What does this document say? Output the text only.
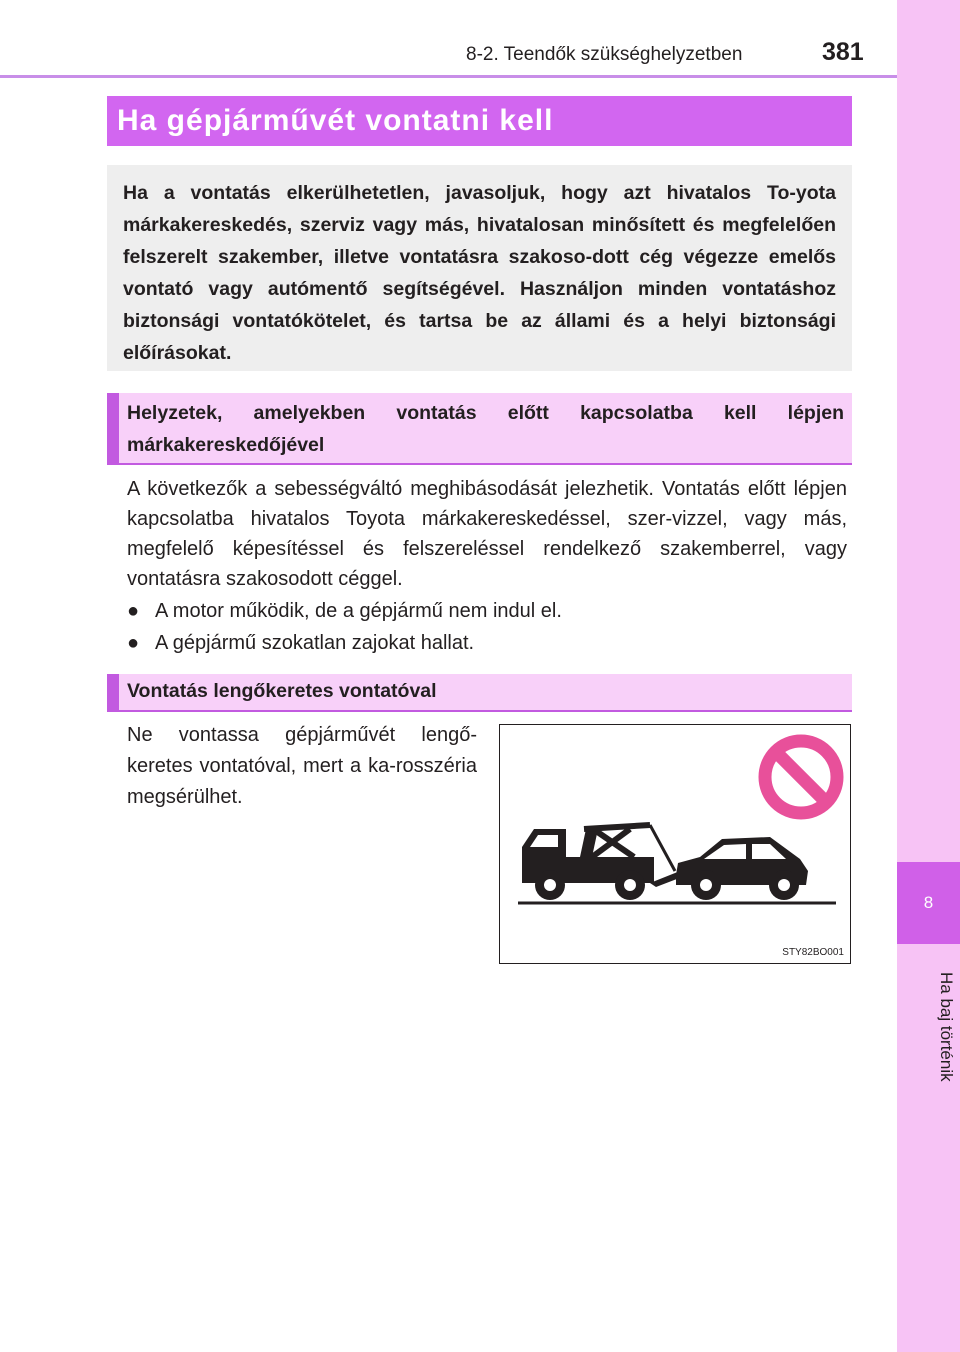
8
Ha baj történik
8-2. Teendők szükséghelyzetben	381
Ha gépjárművét vontatni kell
Ha a vontatás elkerülhetetlen, javasoljuk, hogy azt hivatalos To-yota márkakereskedés, szerviz vagy más, hivatalosan minősített és megfelelően felszerelt szakember, illetve vontatásra szakoso-dott cég végezze emelős vontató vagy autómentő segítségével. Használjon minden vontatáshoz biztonsági vontatókötelet, és tartsa be az állami és a helyi biztonsági előírásokat.
Helyzetek, amelyekben vontatás előtt kapcsolatba kell lépjen márkakereskedőjével
A következők a sebességváltó meghibásodását jelezhetik. Vontatás előtt lépjen kapcsolatba hivatalos Toyota márkakereskedéssel, szer-vizzel, vagy más, megfelelő képesítéssel és felszereléssel rendelkező szakemberrel, vagy vontatásra szakosodott céggel.
● A motor működik, de a gépjármű nem indul el.
● A gépjármű szokatlan zajokat hallat.
Vontatás lengőkeretes vontatóval
Ne vontassa gépjárművét lengő-keretes vontatóval, mert a ka-rosszéria megsérülhet.
STY82BO001
